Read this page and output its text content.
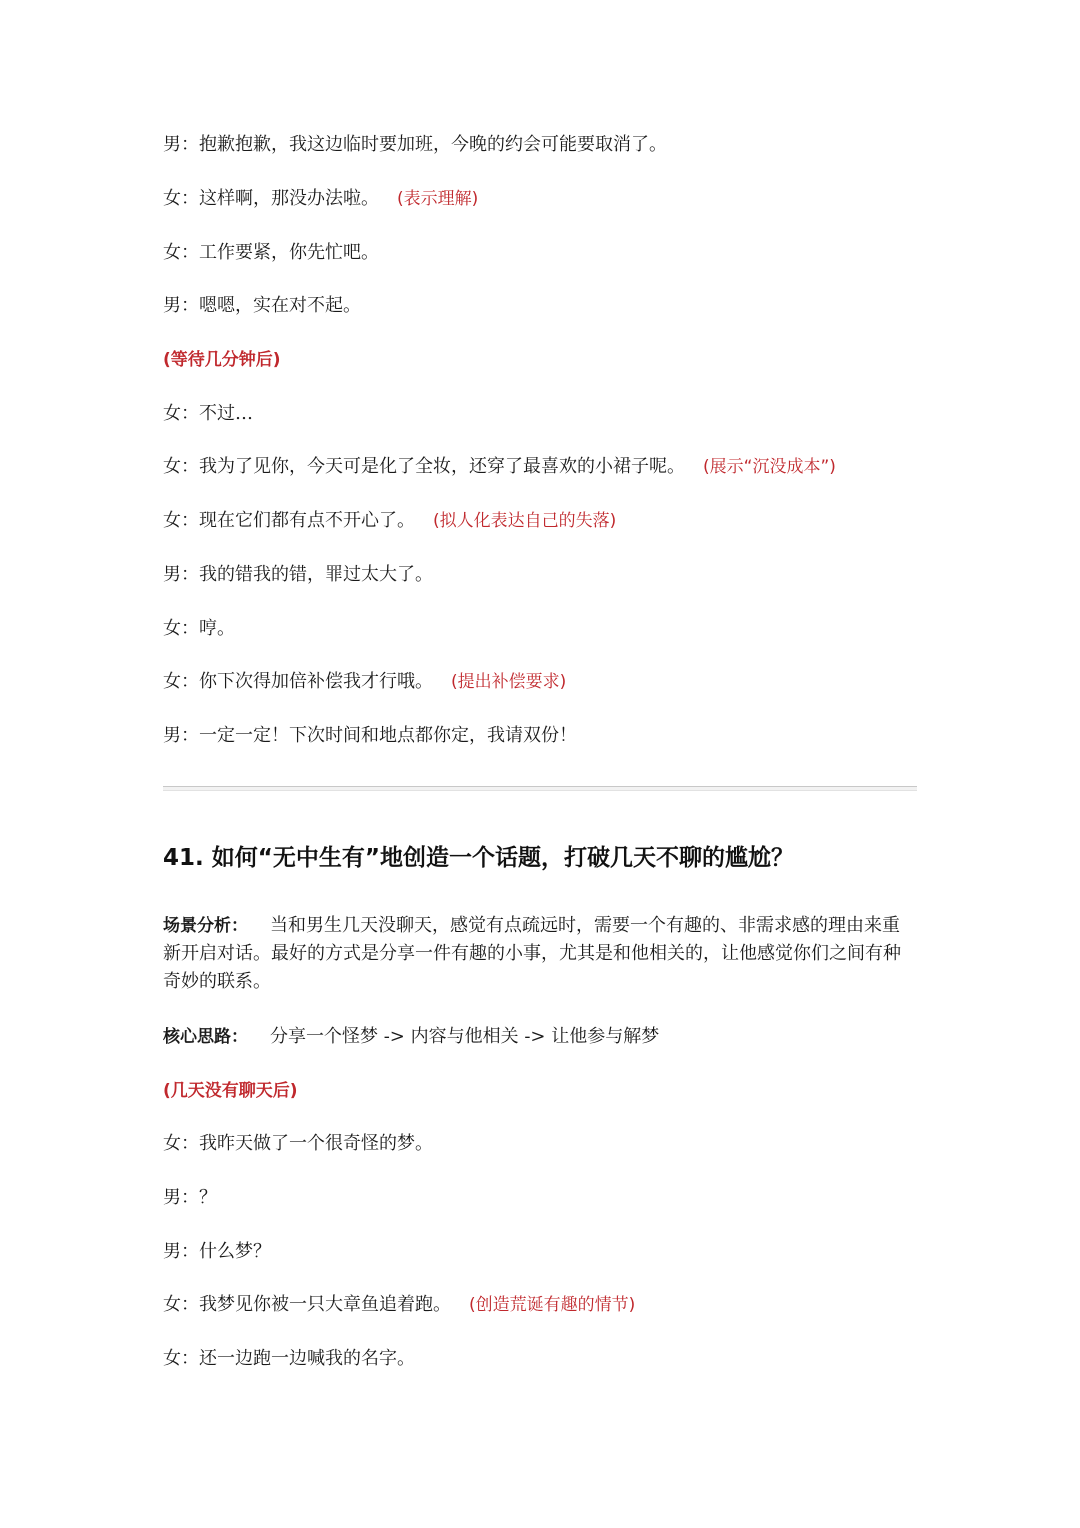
男：抱歉抱歉，我这边临时要加班，今晚的约会可能要取消了。
女：这样啊，那没办法啦。 (表示理解)
女：工作要紧，你先忙吧。
男：嗯嗯，实在对不起。
(等待几分钟后)
女：不过…
女：我为了见你，今天可是化了全妆，还穿了最喜欢的小裙子呢。 (展示“沉没成本”)
女：现在它们都有点不开心了。 (拟人化表达自己的失落)
男：我的错我的错，罪过太大了。
女：哼。
女：你下次得加倍补偿我才行哦。 (提出补偿要求)
男：一定一定！下次时间和地点都你定，我请双份！
41. 如何“无中生有”地创造一个话题，打破几天不聊的尴尬？
场景分析： 当和男生几天没聊天，感觉有点疏远时，需要一个有趣的、非需求感的理由来重新开启对话。最好的方式是分享一件有趣的小事，尤其是和他相关的，让他感觉你们之间有种奇妙的联系。
核心思路： 分享一个怪梦 -> 内容与他相关 -> 让他参与解梦
(几天没有聊天后)
女：我昨天做了一个很奇怪的梦。
男：？
男：什么梦？
女：我梦见你被一只大章鱼追着跑。 (创造荒诞有趣的情节)
女：还一边跑一边喊我的名字。
